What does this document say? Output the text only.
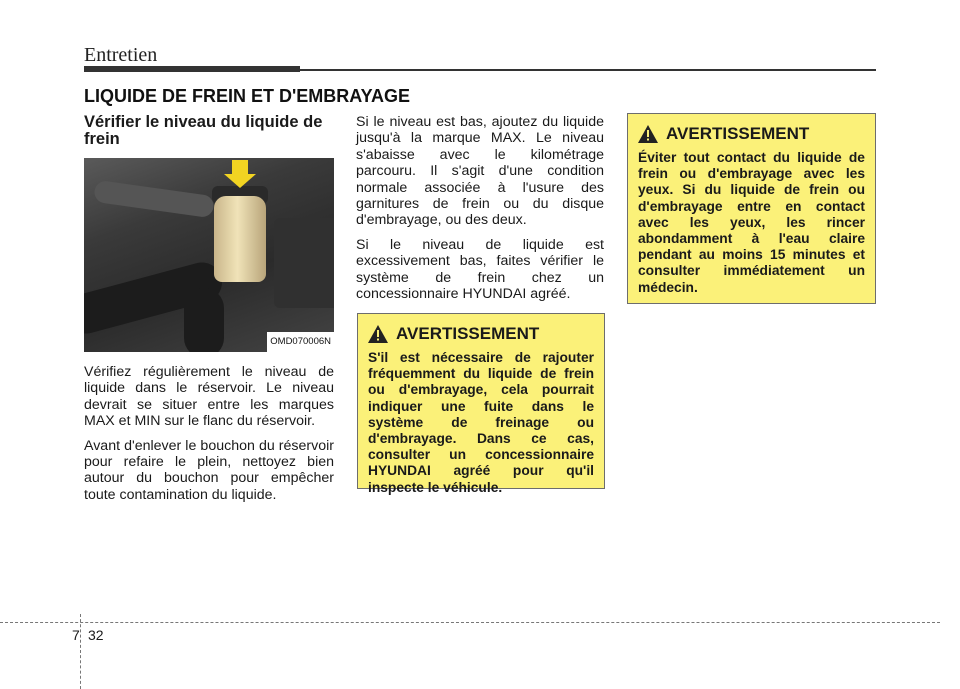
Entretien
LIQUIDE DE FREIN ET D'EMBRAYAGE
Vérifier le niveau du liquide de frein
OMD070006N

Vérifiez régulièrement le niveau de liquide dans le réservoir. Le niveau devrait se situer entre les marques MAX et MIN sur le flanc du réservoir.

Avant d'enlever le bouchon du réservoir pour refaire le plein, nettoyez bien autour du bouchon pour empêcher toute contamination du liquide.

Si le niveau est bas, ajoutez du liquide jusqu'à la marque MAX. Le niveau s'abaisse avec le kilométrage parcouru. Il s'agit d'une condition normale associée à l'usure des garnitures de frein ou du disque d'embrayage, ou des deux.

Si le niveau de liquide est excessivement bas, faites vérifier le système de frein chez un concessionnaire HYUNDAI agréé.

AVERTISSEMENT

S'il est nécessaire de rajouter fréquemment du liquide de frein ou d'embrayage, cela pourrait indiquer une fuite dans le système de freinage ou d'embrayage. Dans ce cas, consulter un concessionnaire HYUNDAI agréé pour qu'il inspecte le véhicule.

AVERTISSEMENT

Éviter tout contact du liquide de frein ou d'embrayage avec les yeux. Si du liquide de frein ou d'embrayage entre en contact avec les yeux, les rincer abondamment à l'eau claire pendant au moins 15 minutes et consulter immédiatement un médecin.

7 32
